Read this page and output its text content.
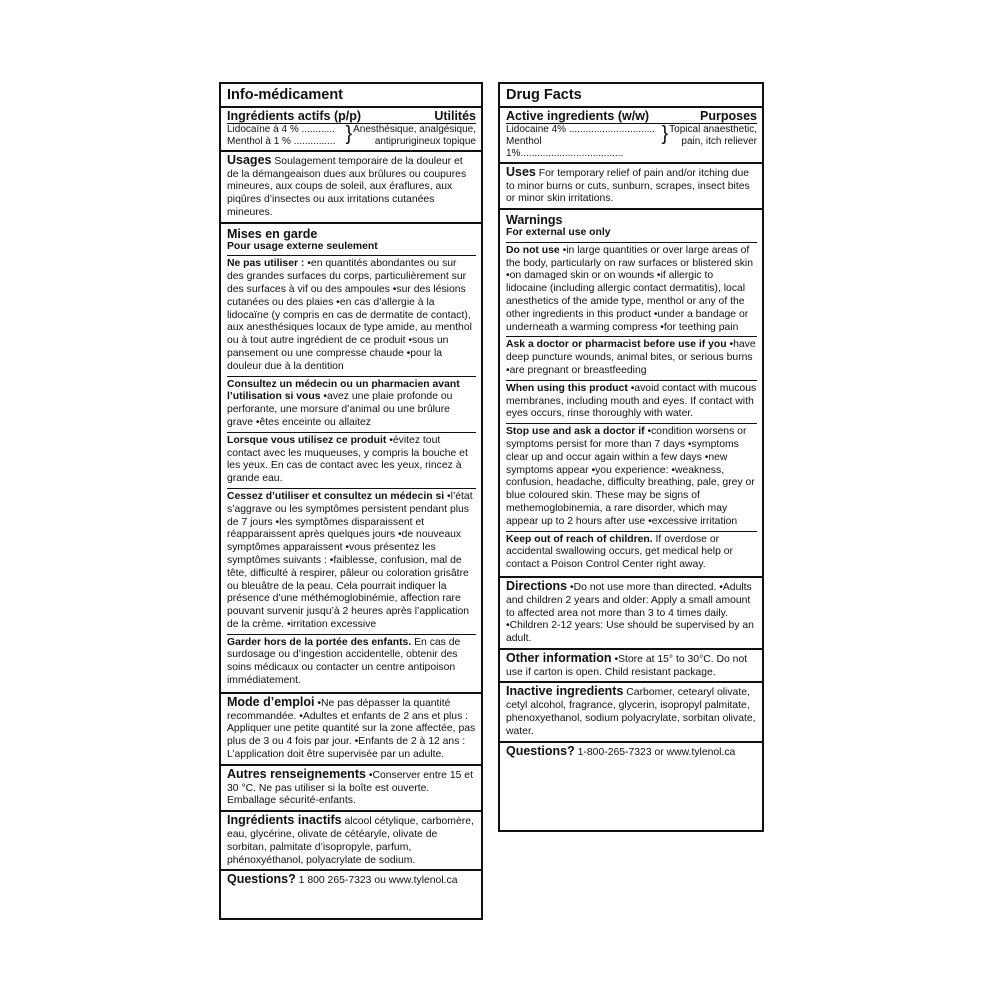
Info-médicament
Ingrédients actifs (p/p)	Utilités
Lidocaïne à 4 % ............
Menthol à 1 % ............... } Anesthésique, analgésique,
antiprurigineux topique
Usages Soulagement temporaire de la douleur et de la démangeaison dues aux brûlures ou coupures mineures, aux coups de soleil, aux éraflures, aux piqûres d’insectes ou aux irritations cutanées mineures.
Mises en garde
Pour usage externe seulement
Ne pas utiliser : •en quantités abondantes ou sur des grandes surfaces du corps, particulièrement sur des surfaces à vif ou des ampoules •sur des lésions cutanées ou des plaies •en cas d’allergie à la lidocaïne (y compris en cas de dermatite de contact), aux anesthésiques locaux de type amide, au menthol ou à tout autre ingrédient de ce produit •sous un pansement ou une compresse chaude •pour la douleur due à la dentition
Consultez un médecin ou un pharmacien avant l’utilisation si vous •avez une plaie profonde ou perforante, une morsure d’animal ou une brûlure grave •êtes enceinte ou allaitez
Lorsque vous utilisez ce produit •évitez tout contact avec les muqueuses, y compris la bouche et les yeux. En cas de contact avec les yeux, rincez à grande eau.
Cessez d’utiliser et consultez un médecin si •l’état s’aggrave ou les symptômes persistent pendant plus de 7 jours •les symptômes disparaissent et réapparaissent après quelques jours •de nouveaux symptômes apparaissent •vous présentez les symptômes suivants : •faiblesse, confusion, mal de tête, difficulté à respirer, pâleur ou coloration grisâtre ou bleuâtre de la peau. Cela pourrait indiquer la présence d’une méthémoglobinémie, affection rare pouvant survenir jusqu’à 2 heures après l’application de la crème. •irritation excessive
Garder hors de la portée des enfants. En cas de surdosage ou d’ingestion accidentelle, obtenir des soins médicaux ou contacter un centre antipoison immédiatement.
Mode d’emploi •Ne pas dépasser la quantité recommandée. •Adultes et enfants de 2 ans et plus : Appliquer une petite quantité sur la zone affectée, pas plus de 3 ou 4 fois par jour. •Enfants de 2 à 12 ans : L’application doit être supervisée par un adulte.
Autres renseignements •Conserver entre 15 et 30 °C. Ne pas utiliser si la boîte est ouverte. Emballage sécurité-enfants.
Ingrédients inactifs alcool cétylique, carbomère, eau, glycérine, olivate de cétéaryle, olivate de sorbitan, palmitate d’isopropyle, parfum, phénoxyéthanol, polyacrylate de sodium.
Questions? 1 800 265-7323 ou www.tylenol.ca
Drug Facts
Active ingredients (w/w)	Purposes
Lidocaine 4% ...............................
Menthol 1%.....................................
} Topical anaesthetic,
pain, itch reliever
Uses For temporary relief of pain and/or itching due to minor burns or cuts, sunburn, scrapes, insect bites or minor skin irritations.
Warnings
For external use only
Do not use •in large quantities or over large areas of the body, particularly on raw surfaces or blistered skin •on damaged skin or on wounds •if allergic to lidocaine (including allergic contact dermatitis), local anesthetics of the amide type, menthol or any of the other ingredients in this product •under a bandage or underneath a warming compress •for teething pain
Ask a doctor or pharmacist before use if you •have deep puncture wounds, animal bites, or serious burns •are pregnant or breastfeeding
When using this product •avoid contact with mucous membranes, including mouth and eyes. If contact with eyes occurs, rinse thoroughly with water.
Stop use and ask a doctor if •condition worsens or symptoms persist for more than 7 days •symptoms clear up and occur again within a few days •new symptoms appear •you experience: •weakness, confusion, headache, difficulty breathing, pale, grey or blue coloured skin. These may be signs of methemoglobinemia, a rare disorder, which may appear up to 2 hours after use •excessive irritation
Keep out of reach of children. If overdose or accidental swallowing occurs, get medical help or contact a Poison Control Center right away.
Directions •Do not use more than directed. •Adults and children 2 years and older: Apply a small amount to affected area not more than 3 to 4 times daily. •Children 2-12 years: Use should be supervised by an adult.
Other information •Store at 15° to 30°C. Do not use if carton is open. Child resistant package.
Inactive ingredients Carbomer, cetearyl olivate, cetyl alcohol, fragrance, glycerin, isopropyl palmitate, phenoxyethanol, sodium polyacrylate, sorbitan olivate, water.
Questions? 1-800-265-7323 or www.tylenol.ca
